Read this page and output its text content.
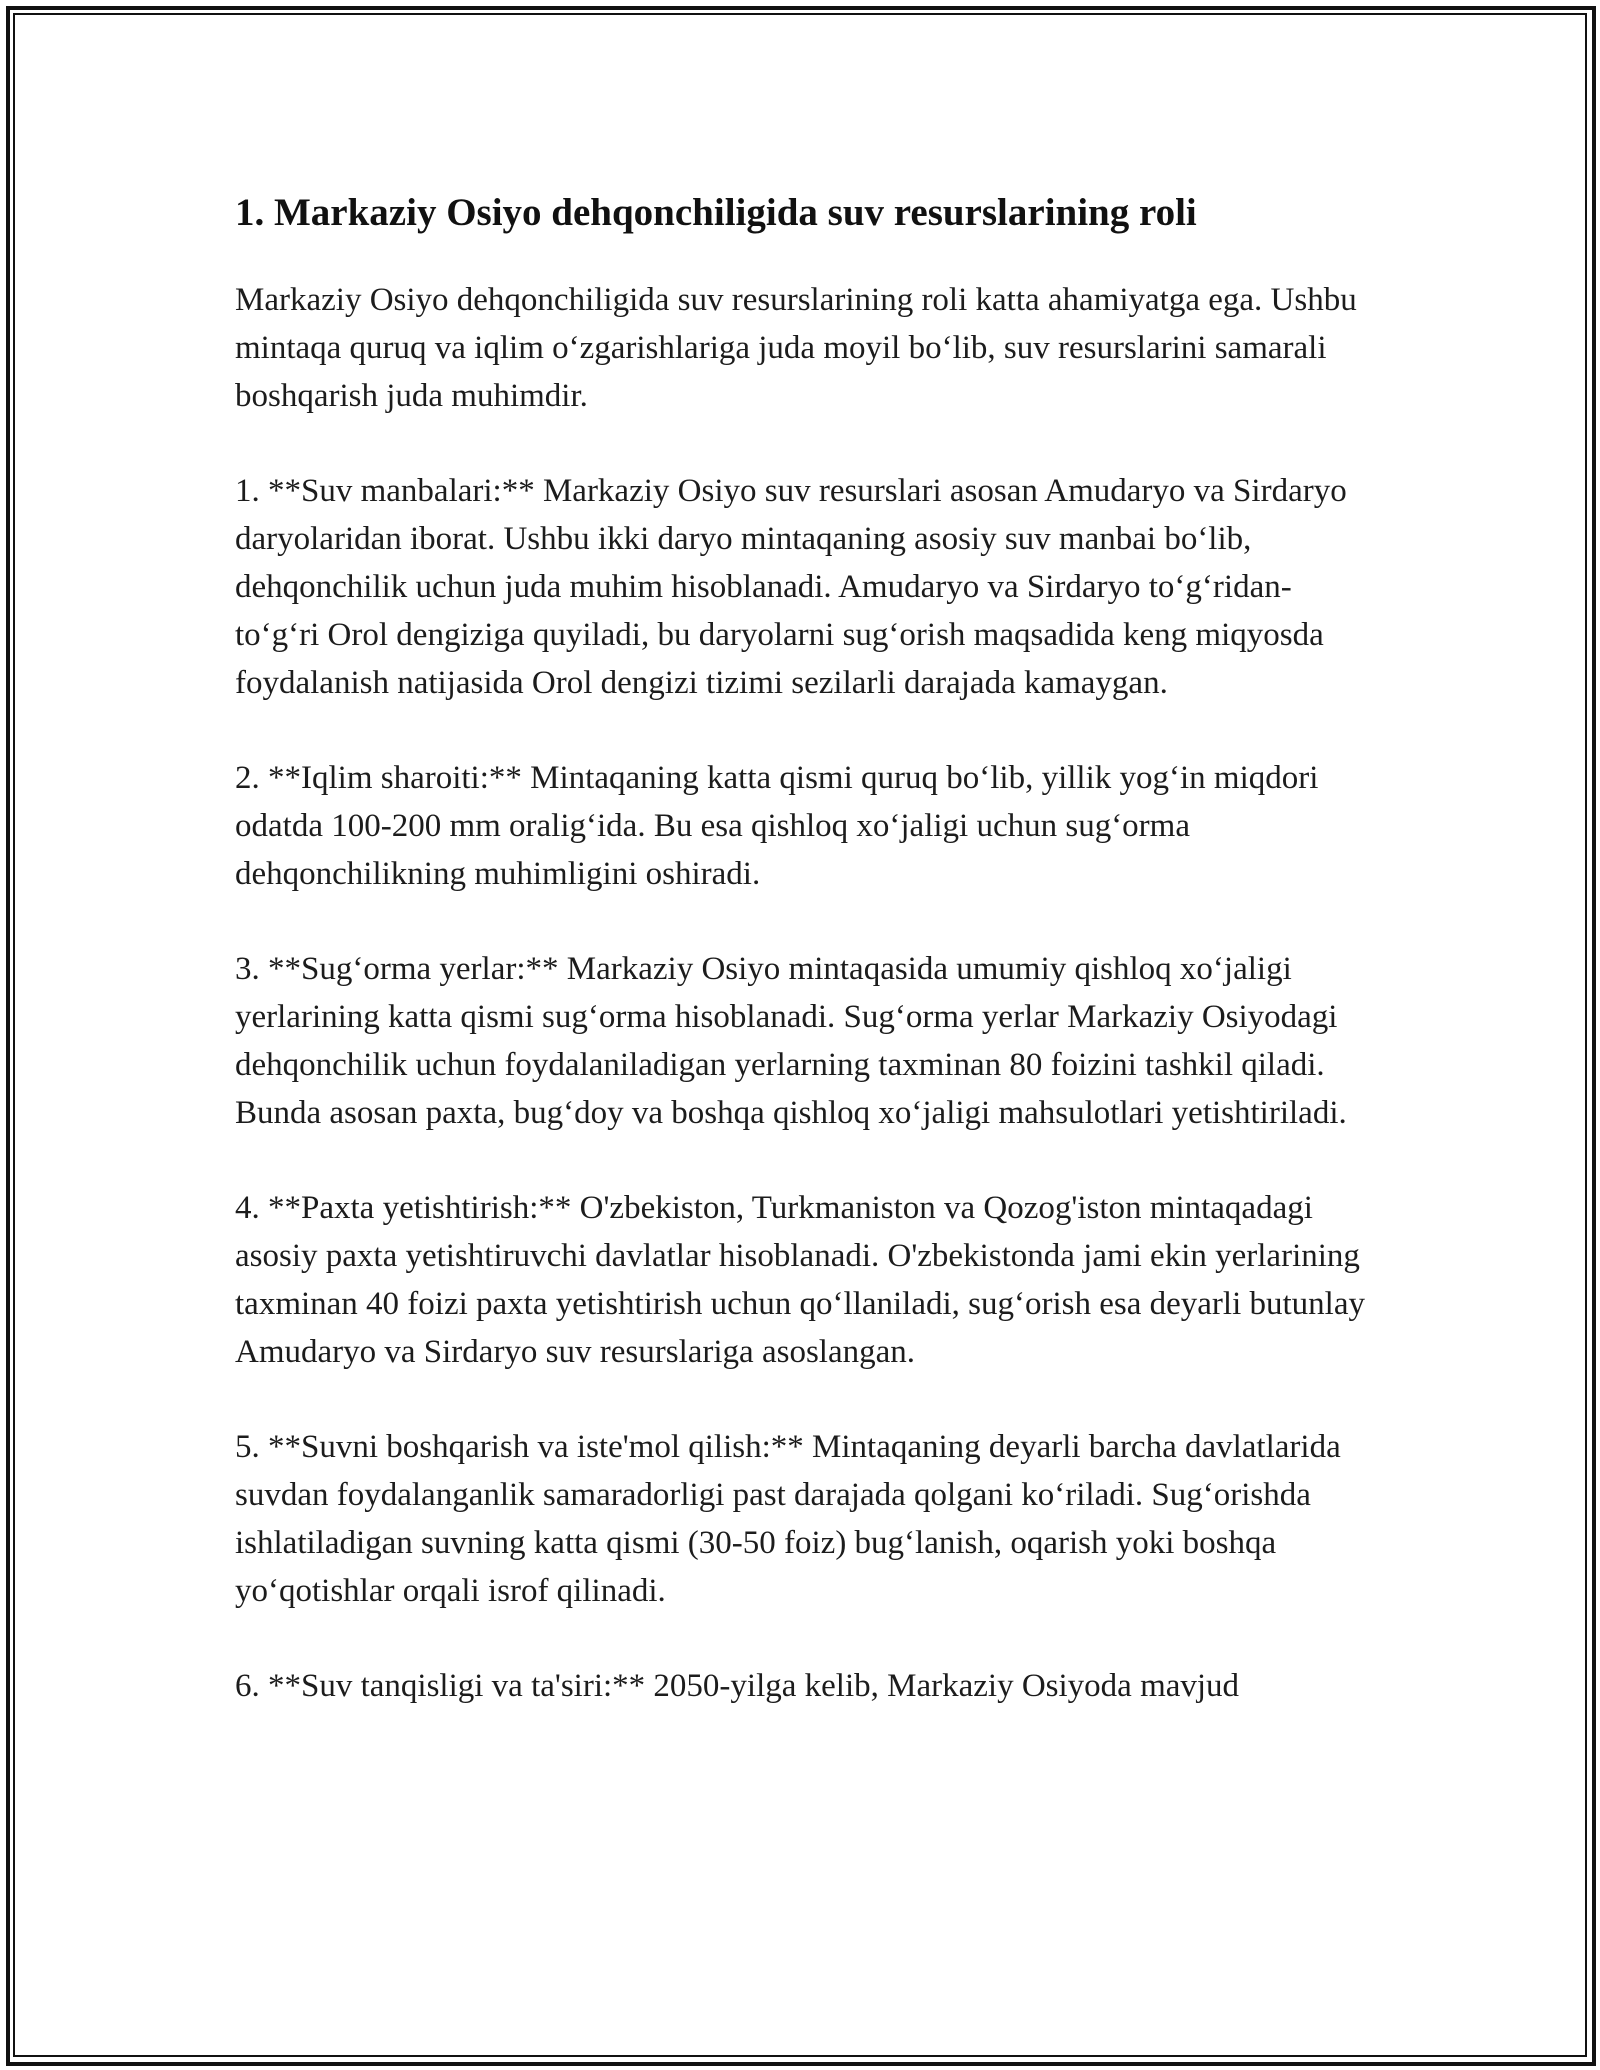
1. Markaziy Osiyo dehqonchiligida suv resurslarining roli

Markaziy Osiyo dehqonchiligida suv resurslarining roli katta ahamiyatga ega. Ushbu mintaqa quruq va iqlim oʻzgarishlariga juda moyil boʻlib, suv resurslarini samarali boshqarish juda muhimdir.

1. **Suv manbalari:** Markaziy Osiyo suv resurslari asosan Amudaryo va Sirdaryo daryolaridan iborat. Ushbu ikki daryo mintaqaning asosiy suv manbai boʻlib, dehqonchilik uchun juda muhim hisoblanadi. Amudaryo va Sirdaryo toʻgʻridan-toʻgʻri Orol dengiziga quyiladi, bu daryolarni sugʻorish maqsadida keng miqyosda foydalanish natijasida Orol dengizi tizimi sezilarli darajada kamaygan.

2. **Iqlim sharoiti:** Mintaqaning katta qismi quruq boʻlib, yillik yogʻin miqdori odatda 100-200 mm oraligʻida. Bu esa qishloq xoʻjaligi uchun sugʻorma dehqonchilikning muhimligini oshiradi.

3. **Sugʻorma yerlar:** Markaziy Osiyo mintaqasida umumiy qishloq xoʻjaligi yerlarining katta qismi sugʻorma hisoblanadi. Sugʻorma yerlar Markaziy Osiyodagi dehqonchilik uchun foydalaniladigan yerlarning taxminan 80 foizini tashkil qiladi. Bunda asosan paxta, bugʻdoy va boshqa qishloq xoʻjaligi mahsulotlari yetishtiriladi.

4. **Paxta yetishtirish:** O'zbekiston, Turkmaniston va Qozog'iston mintaqadagi asosiy paxta yetishtiruvchi davlatlar hisoblanadi. O'zbekistonda jami ekin yerlarining taxminan 40 foizi paxta yetishtirish uchun qoʻllaniladi, sugʻorish esa deyarli butunlay Amudaryo va Sirdaryo suv resurslariga asoslangan.

5. **Suvni boshqarish va iste'mol qilish:** Mintaqaning deyarli barcha davlatlarida suvdan foydalanganlik samaradorligi past darajada qolgani koʻriladi. Sugʻorishda ishlatiladigan suvning katta qismi (30-50 foiz) bugʻlanish, oqarish yoki boshqa yoʻqotishlar orqali isrof qilinadi.

6. **Suv tanqisligi va ta'siri:** 2050-yilga kelib, Markaziy Osiyoda mavjud
